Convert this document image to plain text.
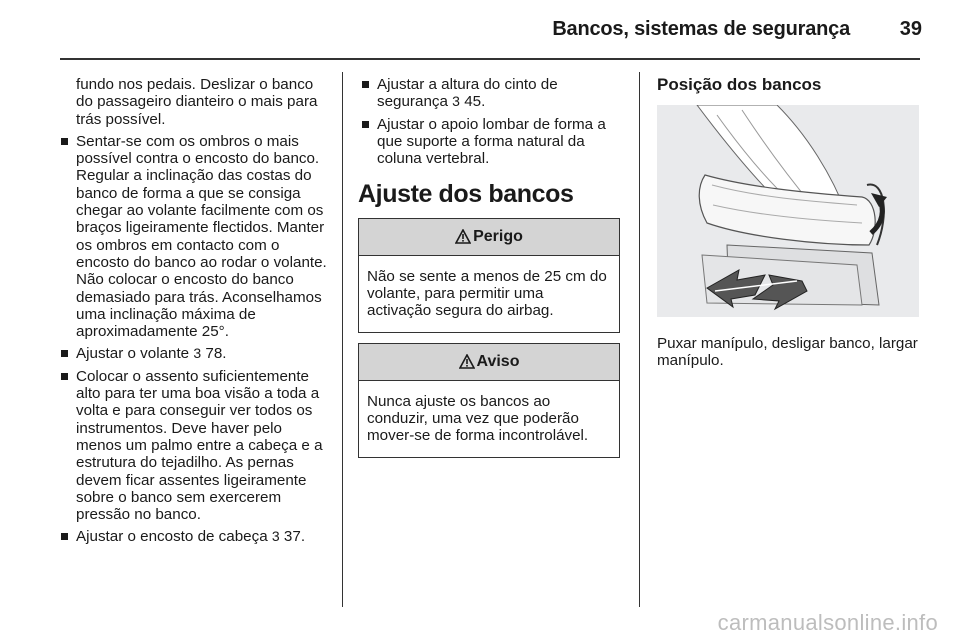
Bancos, sistemas de segurança 39
fundo nos pedais. Deslizar o banco do passageiro dianteiro o mais para trás possível.
Sentar-se com os ombros o mais possível contra o encosto do banco. Regular a inclinação das costas do banco de forma a que se consiga chegar ao volante facilmente com os braços ligeiramente flectidos. Manter os ombros em contacto com o encosto do banco ao rodar o volante. Não colocar o encosto do banco demasiado para trás. Aconselhamos uma inclinação máxima de aproximadamente 25°.
Ajustar o volante 3 78.
Colocar o assento suficientemente alto para ter uma boa visão a toda a volta e para conseguir ver todos os instrumentos. Deve haver pelo menos um palmo entre a cabeça e a estrutura do tejadilho. As pernas devem ficar assentes ligeiramente sobre o banco sem exercerem pressão no banco.
Ajustar o encosto de cabeça 3 37.
Ajustar a altura do cinto de segurança 3 45.
Ajustar o apoio lombar de forma a que suporte a forma natural da coluna vertebral.
Ajuste dos bancos
Perigo
Não se sente a menos de 25 cm do volante, para permitir uma activação segura do airbag.
Aviso
Nunca ajuste os bancos ao conduzir, uma vez que poderão mover-se de forma incontrolável.
Posição dos bancos
Puxar manípulo, desligar banco, largar manípulo.
carmanualsonline.info
